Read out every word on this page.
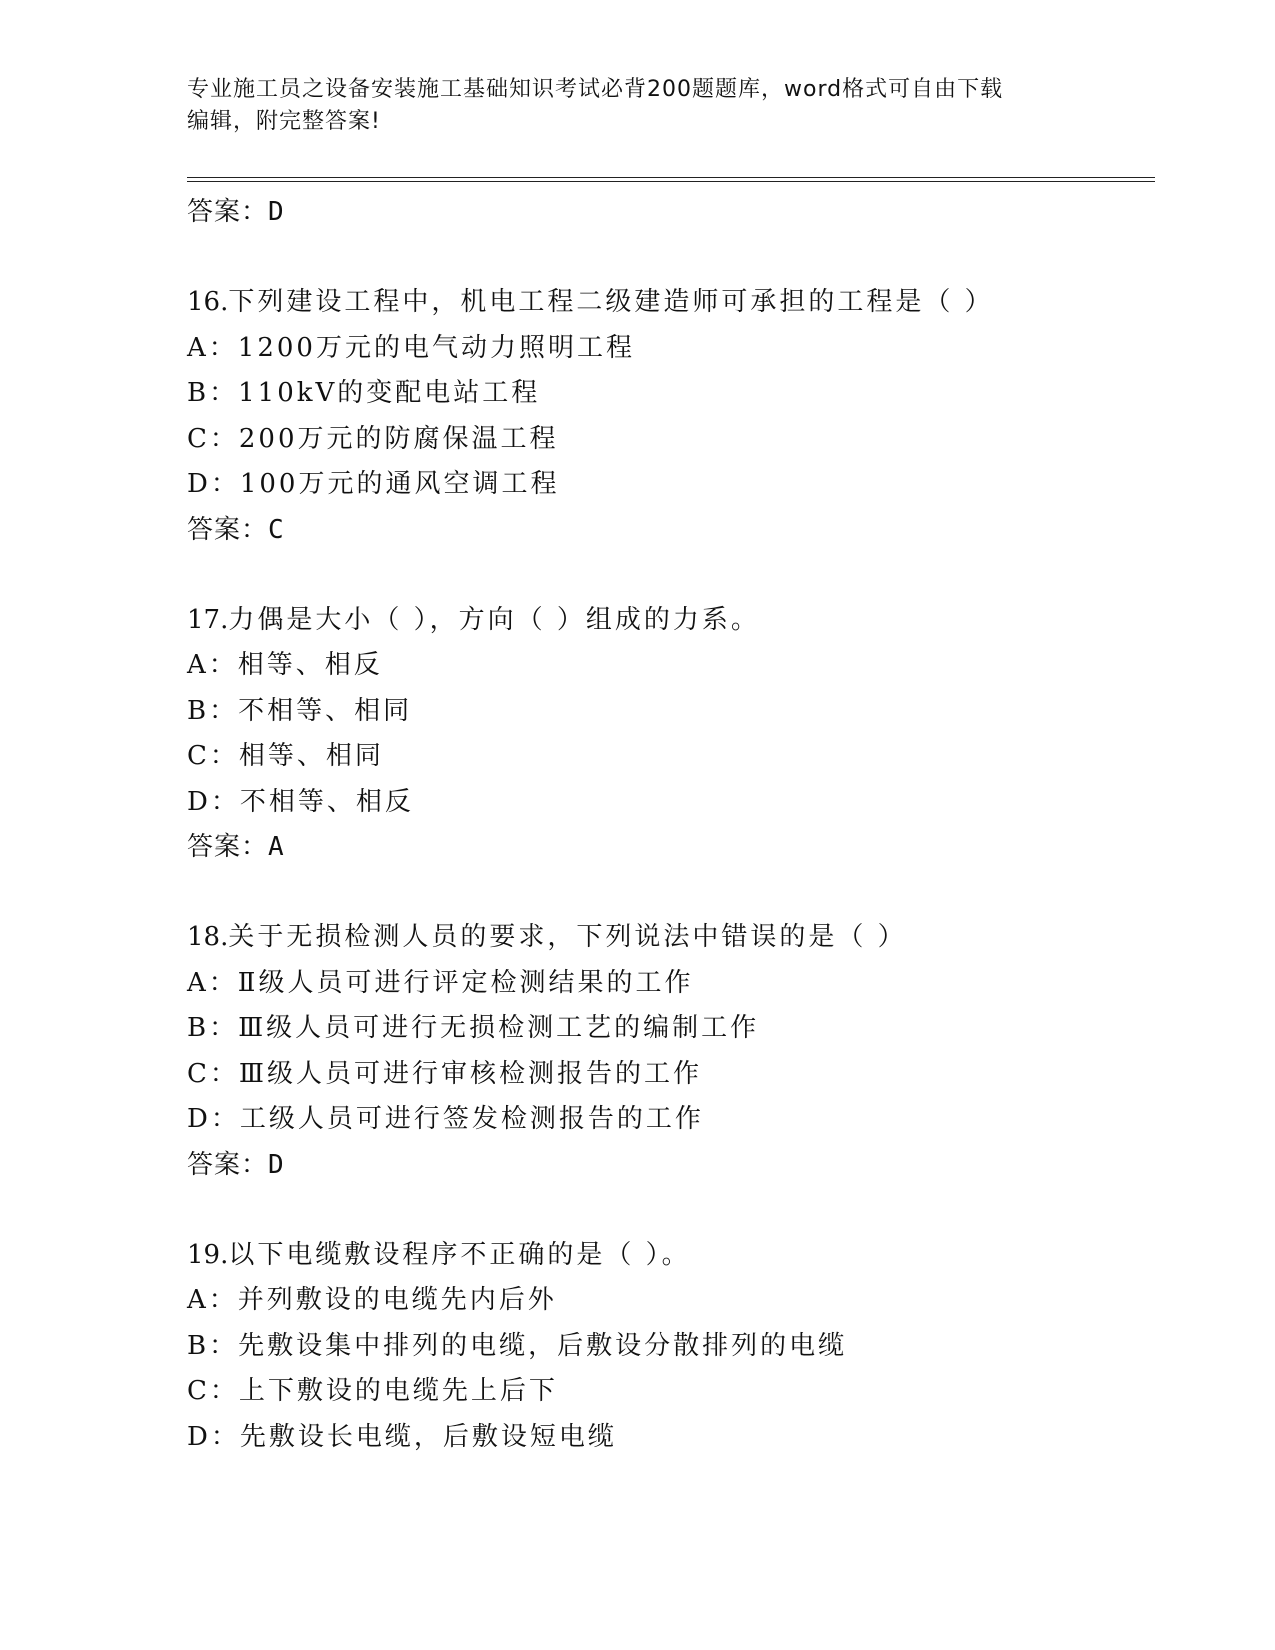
专业施工员之设备安装施工基础知识考试必背200题题库，word格式可自由下载
编辑，附完整答案!
答案：D
16.下列建设工程中，机电工程二级建造师可承担的工程是（ ）
A：1200万元的电气动力照明工程
B：110kV的变配电站工程
C：200万元的防腐保温工程
D：100万元的通风空调工程
答案：C
17.力偶是大小（ ），方向（ ）组成的力系。
A：相等、相反
B：不相等、相同
C：相等、相同
D：不相等、相反
答案：A
18.关于无损检测人员的要求，下列说法中错误的是（ ）
A：Ⅱ级人员可进行评定检测结果的工作
B：Ⅲ级人员可进行无损检测工艺的编制工作
C：Ⅲ级人员可进行审核检测报告的工作
D：工级人员可进行签发检测报告的工作
答案：D
19.以下电缆敷设程序不正确的是（ ）。
A：并列敷设的电缆先内后外
B：先敷设集中排列的电缆，后敷设分散排列的电缆
C：上下敷设的电缆先上后下
D：先敷设长电缆，后敷设短电缆
